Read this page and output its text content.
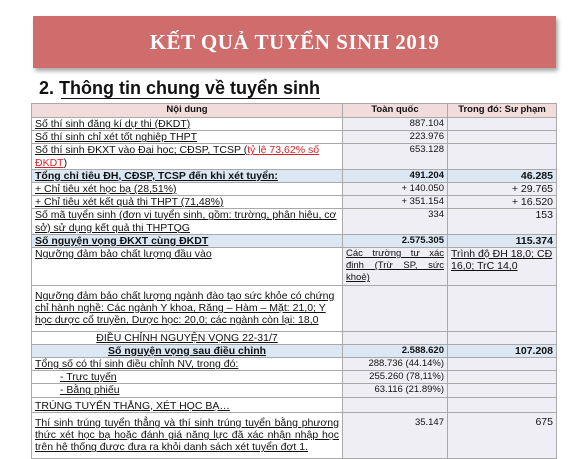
KẾT QUẢ TUYỂN SINH 2019
2. Thông tin chung về tuyển sinh
Nội dung	Toàn quốc	Trong đó: Sư phạm
Số thí sinh đăng kí dự thi (ĐKDT)	887.104	
Số thí sinh chỉ xét tốt nghiệp THPT	223.976	
Số thí sinh ĐKXT vào Đại học; CĐSP, TCSP (tỷ lệ 73,62% số ĐKDT)	653.128	
Tổng chỉ tiêu ĐH, CĐSP, TCSP đến khi xét tuyển:	491.204	46.285
+ Chỉ tiêu xét học bạ (28,51%)	+ 140.050	+ 29.765
+ Chỉ tiêu xét kết quả thi THPT (71,48%)	+ 351.154	+ 16.520
Số mã tuyển sinh (đơn vị tuyển sinh, gồm: trường, phân hiệu, cơ sở) sử dụng kết quả thi THPTQG	334	153
Số nguyện vọng ĐKXT cùng ĐKDT	2.575.305	115.374
Ngưỡng đảm bảo chất lượng đầu vào	Các trường tự xác định (Trừ SP, sức khoẻ)	Trình độ ĐH 18,0; CĐ 16,0; TrC 14,0
Ngưỡng đảm bảo chất lượng ngành đào tạo sức khỏe có chứng chỉ hành nghề: Các ngành Y khoa, Răng – Hàm – Mặt: 21,0; Y học dược cổ truyền, Dược học: 20,0; các ngành còn lại: 18,0		
ĐIỀU CHỈNH NGUYỆN VỌNG 22-31/7		
Số nguyện vọng sau điều chỉnh	2.588.620	107.208
Tổng số có thí sinh điều chỉnh NV, trong đó:	288.736 (44.14%)	
- Trực tuyến	255.260 (78,11%)	
- Bằng phiếu	63.116 (21.89%)	
TRÚNG TUYỂN THẲNG, XÉT HỌC BẠ…		
Thí sinh trúng tuyển thẳng và thí sinh trúng tuyển bằng phương thức xét học bạ hoặc đánh giá năng lực đã xác nhận nhập học trên hệ thống được đưa ra khỏi danh sách xét tuyển đợt 1.	35.147	675
